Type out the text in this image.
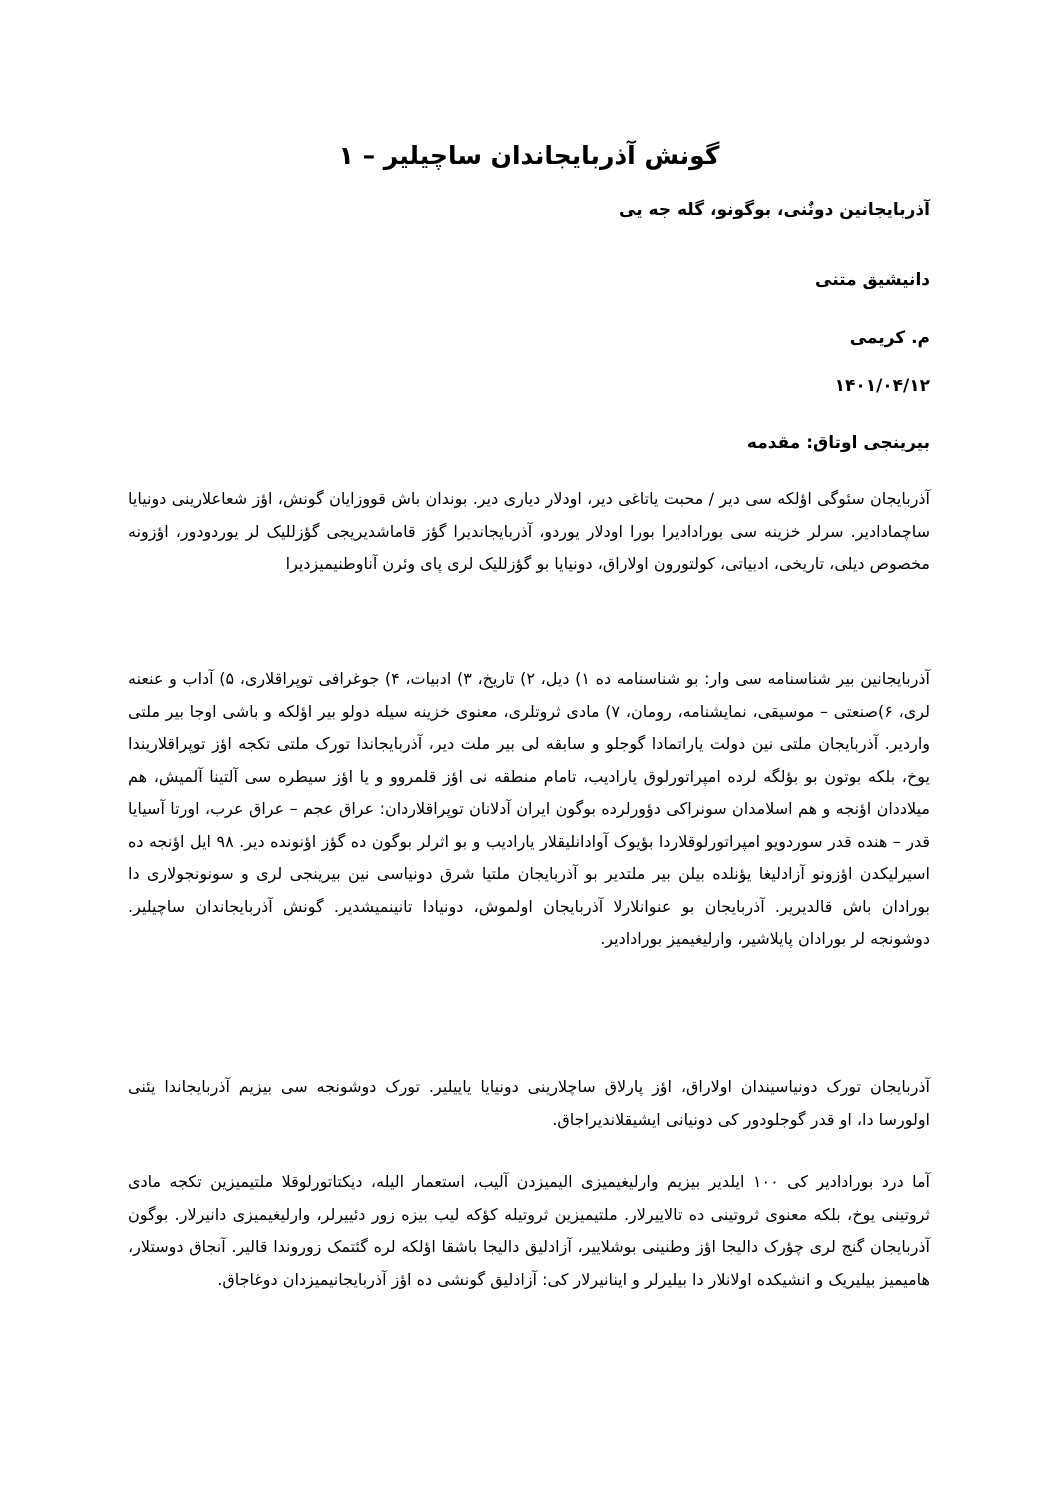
گونش آذربایجاندان ساچیلیر – ۱

آذربایجانین دونٌنی، بوگونو، گله جه یی

دانیشیق متنی

م. کریمی

۱۴۰۱/۰۴/۱۲

بیرینجی اوتاق: مقدمه

آذربایجان سئوگی اؤلکه سی دیر / محبت یاتاغی دیر، اودلار دیاری دیر. بوندان باش قووزایان گونش، اؤز شعاعلارینی دونیایا ساچمادادیر. سرلر خزینه سی بورادادیرا بورا اودلار یوردو، آذربایجاندیرا گؤز قاماشدیریجی گؤزللیک لر یوردودور، اؤزونه مخصوص دیلی، تاریخی، ادبیاتی، کولتورون اولاراق، دونیایا بو گؤزللیک لری پای وئرن آناوطنیمیزدیرا

آذربایجانین بیر شناسنامه سی وار: بو شناسنامه ده ۱) دیل، ۲) تاریخ، ۳) ادبیات، ۴) جوغرافی توپراقلاری، ۵) آداب و عنعنه لری، ۶)صنعتی – موسیقی، نمایشنامه، رومان، ۷) مادی ثروتلری، معنوی خزینه سیله دولو بیر اؤلکه و باشی اوجا بیر ملتی واردیر. آذربایجان ملتی نین دولت یاراتمادا گوجلو و سابقه لی بیر ملت دیر، آذربایجاندا تورک ملتی تکجه اؤز توپراقلاریندا یوخ، بلکه بوتون بو بؤلگه لرده امپراتورلوق یارادیب، تامام منطقه نی اؤز قلمروو و یا اؤز سیطره سی آلتینا آلمیش، هم میلاددان اؤنجه و هم اسلامدان سونراکی دؤورلرده بوگون ایران آدلانان توپراقلاردان: عراق عجم – عراق عرب، اورتا آسیایا قدر – هنده قدر سوردویو امپراتورلوقلاردا بؤیوک آوادانلیقلار یارادیب و بو اثرلر بوگون ده گؤز اؤنونده دیر. ۹۸ ایل اؤنجه ده اسیرلیکدن اؤزونو آزادلیغا یؤنلده بیلن بیر ملتدیر بو آذربایجان ملتیا شرق دونیاسی نین بیرینجی لری و سونونجولاری دا بورادان باش قالدیریر. آذربایجان بو عنوانلارلا آذربایجان اولموش، دونیادا تانینمیشدیر. گونش آذربایجاندان ساچیلیر. دوشونجه لر بورادان پایلاشیر، وارلیغیمیز بورادادیر.

آذربایجان تورک دونیاسیندان اولاراق، اؤز پارلاق ساچلارینی دونیایا یاییلیر. تورک دوشونجه سی بیزیم آذربایجاندا یئنی اولورسا دا، او قدر گوجلودور کی دونیانی ایشیقلاندیراجاق.

آما درد بورادادیر کی ۱۰۰ ایلدیر بیزیم وارلیغیمیزی الیمیزدن آلیب، استعمار الیله، دیکتاتورلوقلا ملتیمیزین تکجه مادی ثروتینی یوخ، بلکه معنوی ثروتینی ده تالاییرلار. ملتیمیزین ثروتیله کؤکه لیب بیزه زور دئییرلر، وارلیغیمیزی دانیرلار. بوگون آذربایجان گنج لری چؤرک دالیجا اؤز وطنینی بوشلاییر، آزادلیق دالیجا باشقا اؤلکه لره گئتمک زوروندا قالیر. آنجاق دوستلار، هامیمیز بیلیریک و انشیکده اولانلار دا بیلیرلر و اینانیرلار کی: آزادلیق گونشی ده اؤز آذربایجانیمیزدان دوغاجاق.
